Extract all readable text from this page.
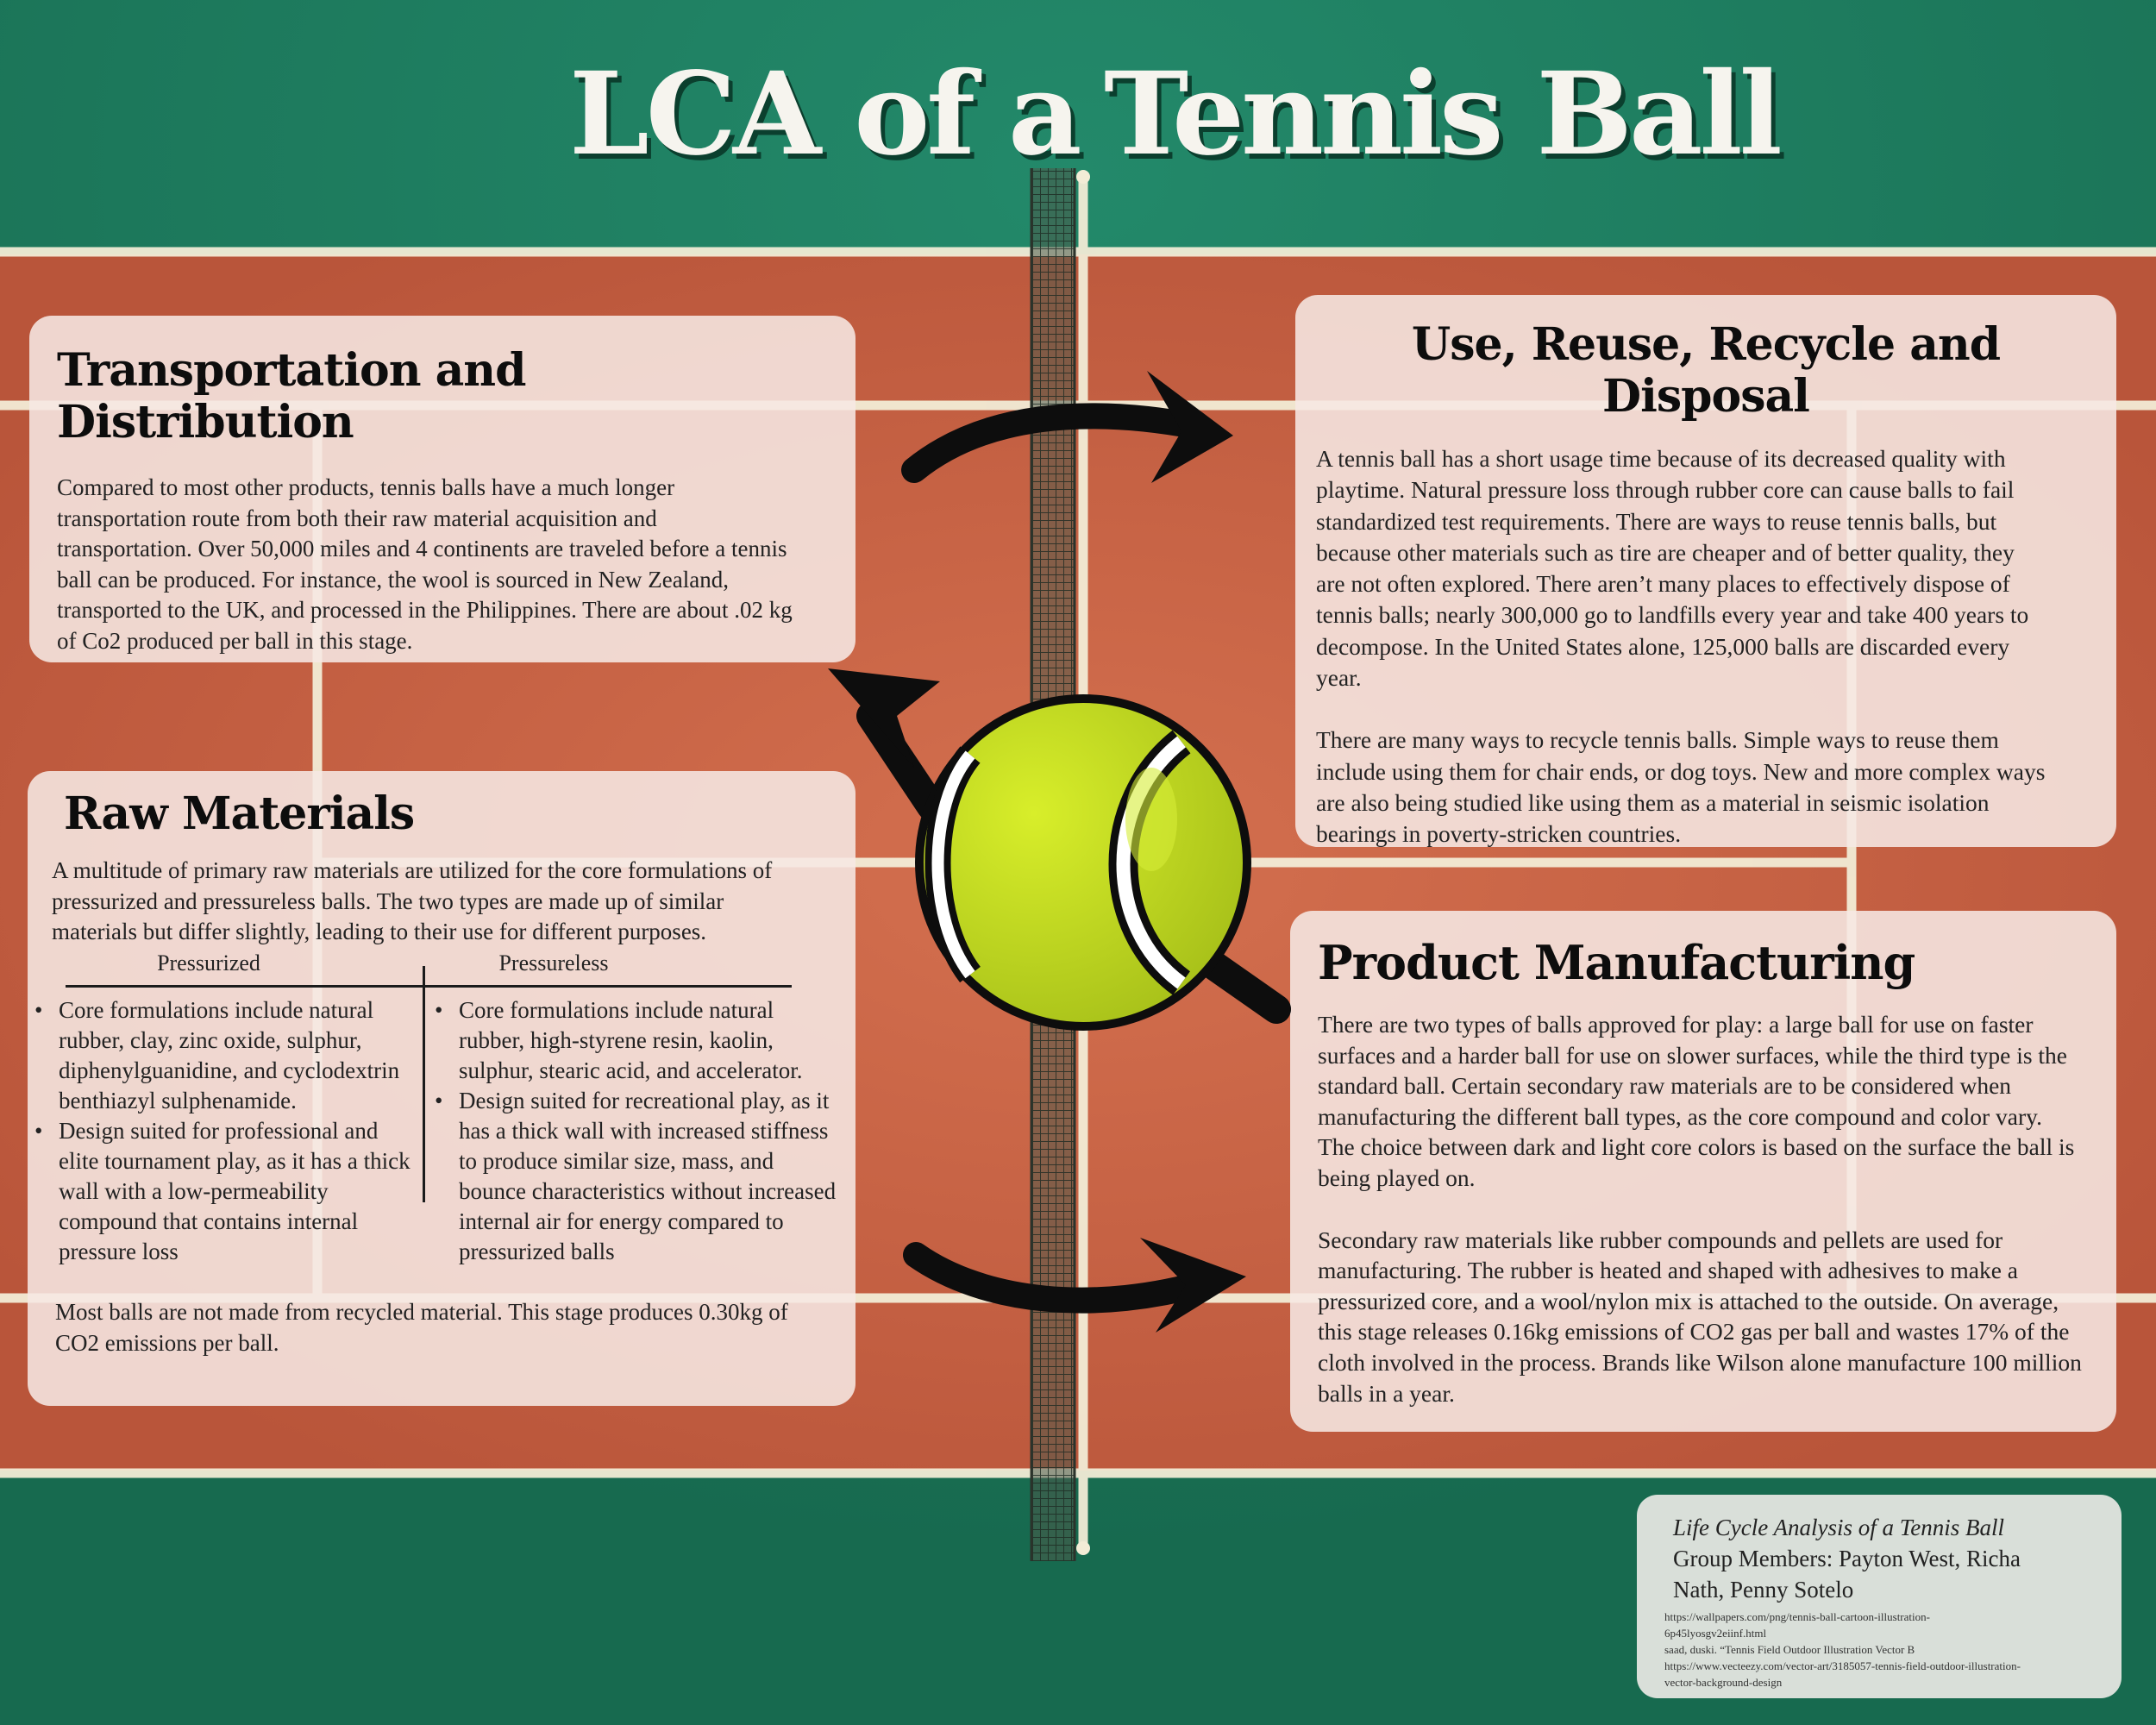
LCA of a Tennis Ball
Transportation and Distribution
Compared to most other products, tennis balls have a much longer
transportation route from both their raw material acquisition and
transportation. Over 50,000 miles and 4 continents are traveled before a tennis
ball can be produced. For instance, the wool is sourced in New Zealand,
transported to the UK, and processed in the Philippines. There are about .02 kg
of Co2 produced per ball in this stage.
Use, Reuse, Recycle and Disposal
A tennis ball has a short usage time because of its decreased quality with
playtime. Natural pressure loss through rubber core can cause balls to fail
standardized test requirements. There are ways to reuse tennis balls, but
because other materials such as tire are cheaper and of better quality, they
are not often explored. There aren’t many places to effectively dispose of
tennis balls; nearly 300,000 go to landfills every year and take 400 years to
decompose. In the United States alone, 125,000 balls are discarded every
year.
There are many ways to recycle tennis balls. Simple ways to reuse them
include using them for chair ends, or dog toys. New and more complex ways
are also being studied like using them as a material in seismic isolation
bearings in poverty-stricken countries.
Raw Materials
A multitude of primary raw materials are utilized for the core formulations of
pressurized and pressureless balls. The two types are made up of similar
materials but differ slightly, leading to their use for different purposes.
Pressurized	Pressureless
• Core formulations include natural rubber, clay, zinc oxide, sulphur, diphenylguanidine, and cyclodextrin benthiazyl sulphenamide.
• Design suited for professional and elite tournament play, as it has a thick wall with a low-permeability compound that contains internal pressure loss
• Core formulations include natural rubber, high-styrene resin, kaolin, sulphur, stearic acid, and accelerator.
• Design suited for recreational play, as it has a thick wall with increased stiffness to produce similar size, mass, and bounce characteristics without increased internal air for energy compared to pressurized balls
Most balls are not made from recycled material. This stage produces 0.30kg of
CO2 emissions per ball.
Product Manufacturing
There are two types of balls approved for play: a large ball for use on faster
surfaces and a harder ball for use on slower surfaces, while the third type is the
standard ball. Certain secondary raw materials are to be considered when
manufacturing the different ball types, as the core compound and color vary.
The choice between dark and light core colors is based on the surface the ball is
being played on.
Secondary raw materials like rubber compounds and pellets are used for
manufacturing. The rubber is heated and shaped with adhesives to make a
pressurized core, and a wool/nylon mix is attached to the outside. On average,
this stage releases 0.16kg emissions of CO2 gas per ball and wastes 17% of the
cloth involved in the process. Brands like Wilson alone manufacture 100 million
balls in a year.
Life Cycle Analysis of a Tennis Ball
Group Members: Payton West, Richa
Nath, Penny Sotelo
https://wallpapers.com/png/tennis-ball-cartoon-illustration-
6p45lyosgv2eiinf.html
saad, duski. “Tennis Field Outdoor Illustration Vector B
https://www.vecteezy.com/vector-art/3185057-tennis-field-outdoor-illustration-
vector-background-design
